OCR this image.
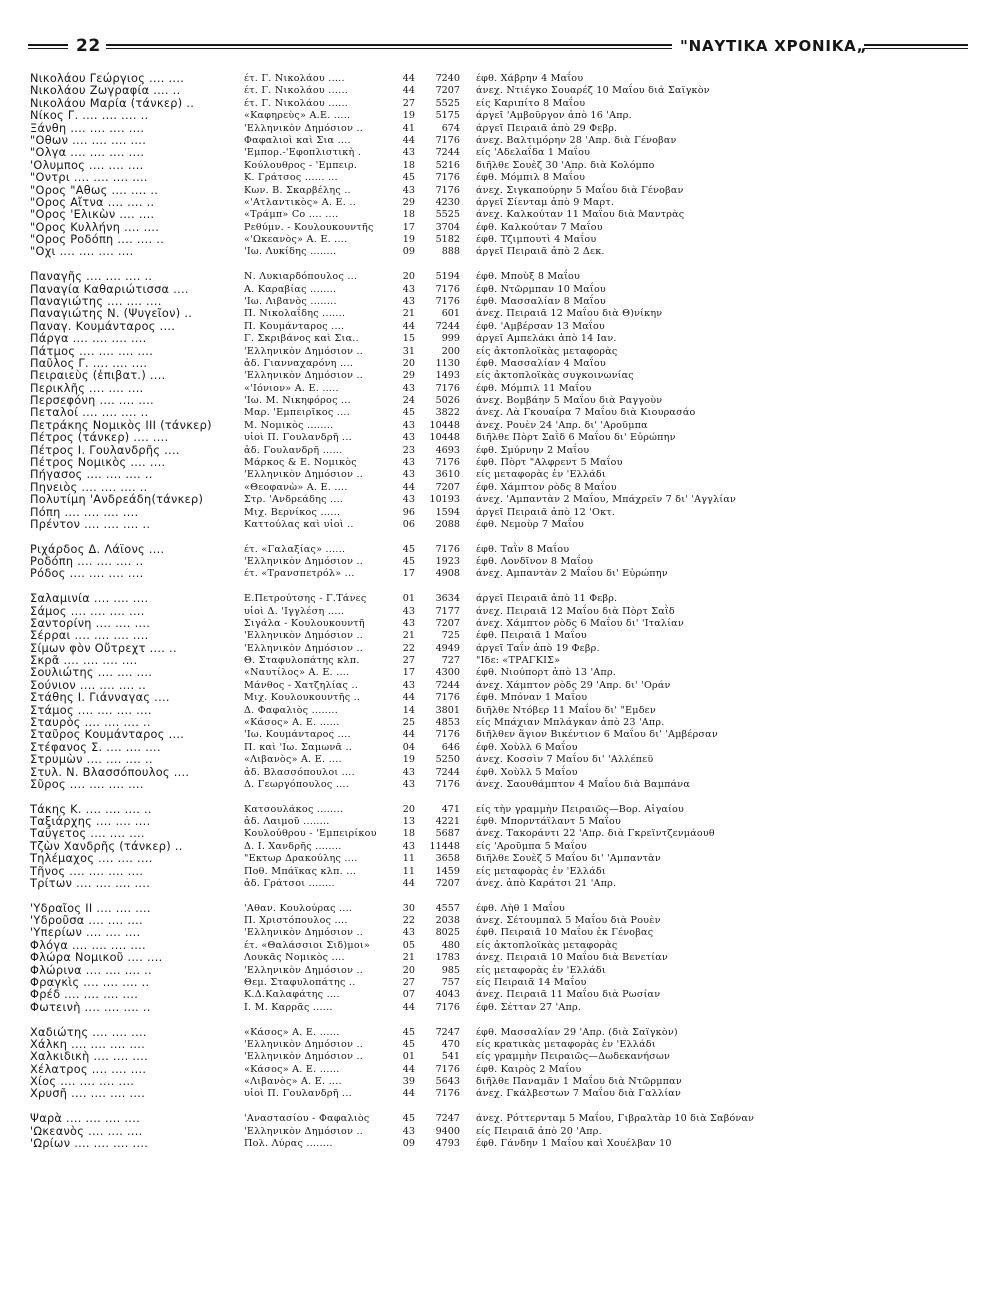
22	"ΝΑΥΤΙΚΑ ΧΡΟΝΙΚΑ„
Νικολάου Γεώργιος .... ....	έτ. Γ. Νικολάου .....	44	7240 έφθ. Χάβρην 4 Μαΐου
Νικολάου Ζωγραφία .... ..	έτ. Γ. Νικολάου ......	44	7207 άνεχ. Ντιέγκο Σουαρέζ 10 Μαΐου διά Σαϊγκὸν
Νικολάου Μαρία (τάνκερ) ..	έτ. Γ. Νικολάου ......	27	5525 είς Καριπίτο 8 Μαΐου
Νίκος Γ. .... .... .... ..	«Καφηρεὺς» Α.Ε. .....	19	5175 άργεῖ 'Αμβοῦργον ἀπὸ 16 'Απρ.
Ξάνθη .... .... .... ....	'Ελληνικὸν Δημόσιον ..	41	674 άργεῖ Πειραιᾶ ἀπὸ 29 Φεβρ.
"Οθων .... .... .... ....	Φαφαλιοὶ καὶ Σια ....	44	7176 άνεχ. Βαλτιμόρην 28 'Απρ. διὰ Γένοβαν
"Ολγα .... .... .... ....	'Εμπορ.-'Εφοπλιστικὴ .	43	7244 είς 'Αδελαΐδα 1 Μαΐου
'Ολυμπος .... .... ....	Κούλουθρος - 'Εμπειρ.	18	5216 διῆλθε Σουὲζ 30 'Απρ. διὰ Κολόμπο
"Οντρι .... .... .... ....	Κ. Γράτσος ...... ...	45	7176 έφθ. Μόμπιλ 8 Μαΐου
"Ορος "Αθως .... .... ..	Κων. Β. Σκαρβέλης ..	43	7176 άνεχ. Σιγκαπούρην 5 Μαΐου διὰ Γένοβαν
"Ορος Αἴτνα .... .... ..	«'Ατλαντικὸς» Α. Ε. ..	29	4230 άργεῖ Σίενταμ ἀπὸ 9 Μαρτ.
"Ορος 'Ελικὼν .... ....	«Τράμπ» Co .... ....	18	5525 άνεχ. Καλκούταν 11 Μαΐου διὰ Μαντρὰς
"Ορος Κυλλήνη .... ....	Ρεθύμν. - Κουλουκουντῆς	17	3704 έφθ. Καλκούταν 7 Μαΐου
"Ορος Ροδόπη .... .... ..	«'Ωκεανὸς» Α. Ε. ....	19	5182 έφθ. Τζιμπουτὶ 4 Μαΐου
"Οχι .... .... .... ....	'Ιω. Λυκίδης ........	09	888 άργεῖ Πειραιᾶ ἀπὸ 2 Δεκ.
Παναγῆς .... .... .... ..	Ν. Λυκιαρδόπουλος ...	20	5194 έφθ. Μποὺξ 8 Μαΐου
Παναγία Καθαριώτισσα ....	Α. Καραβίας ........	43	7176 έφθ. Ντῶρμπαν 10 Μαΐου
Παναγιώτης .... .... ....	'Ιω. Λιβανὸς ........	43	7176 έφθ. Μασσαλίαν 8 Μαΐου
Παναγιώτης Ν. (Ψυγεῖον) ..	Π. Νικολαΐδης .......	21	601 άνεχ. Πειραιᾶ 12 Μαΐου διὰ Θ)νίκην
Παναγ. Κουμάνταρος ....	Π. Κουμάνταρος ....	44	7244 έφθ. 'Αμβέρσαν 13 Μαΐου
Πάργα .... .... .... ....	Γ. Σκριβάνος καὶ Σια..	15	999 άργεῖ Αμπελάκι ἀπὸ 14 Ιαν.
Πάτμος .... .... .... ....	'Ελληνικὸν Δημόσιον ..	31	200 είς ἀκτοπλοϊκὰς μεταφορὰς
Παῦλος Γ. .... .... ....	ἀδ. Γιανναχαρόνη ....	20	1130 έφθ. Μασσαλίαν 4 Μαΐου
Πειραιεὺς (ἐπιβατ.) ....	'Ελληνικὸν Δημόσιον ..	29	1493 είς ἀκτοπλοϊκὰς συγκοινωνίας
Περικλῆς .... .... ....	«'Ιόνιον» Α. Ε. .....	43	7176 έφθ. Μόμπιλ 11 Μαΐου
Περσεφόνη .... .... ....	'Ιω. Μ. Νικηφόρος ...	24	5026 άνεχ. Βομβάην 5 Μαΐου διὰ Ραγγοὺν
Πεταλοί .... .... .... ..	Μαρ. 'Εμπειρῖκος ....	45	3822 άνεχ. Λὰ Γκουαίρα 7 Μαΐου διὰ Κιουρασάο
Πετράκης Νομικὸς ΙΙΙ (τάνκερ)	Μ. Νομικὸς ........	43	10448 άνεχ. Ρουὲν 24 'Απρ. δι' 'Αροῦμπα
Πέτρος (τάνκερ) .... ....	υἱοὶ Π. Γουλανδρῆ ...	43	10448 διῆλθε Πὸρτ Σαῒδ 6 Μαΐου δι' Εὐρώπην
Πέτρος Ι. Γουλανδρῆς ....	ἀδ. Γουλανδρῆ ......	23	4693 έφθ. Σμύρνην 2 Μαΐου
Πέτρος Νομικὸς .... ....	Μάρκος & Ε. Νομικὸς	43	7176 έφθ. Πὸρτ "Αλφρεντ 5 Μαΐου
Πήγασος .... .... .... ..	'Ελληνικὸν Δημόσιον ..	43	3610 είς μεταφορὰς ἐν 'Ελλάδι
Πηνειὸς .... .... .... ..	«Θεοφανὼ» Α. Ε. ....	44	7207 έφθ. Χάμπτον ρὸδς 8 Μαΐου
Πολυτίμη 'Ανδρεάδη(τάνκερ)	Στρ. 'Ανδρεάδης ....	43	10193 άνεχ. 'Αμπαντὰν 2 Μαΐου, Μπάχρεϊν 7 δι' 'Αγγλίαν
Πόπη .... .... .... ....	Μιχ. Βερνίκος ......	96	1594 άργεῖ Πειραιᾶ ἀπὸ 12 'Οκτ.
Πρέντον .... .... .... ..	Καττούλας καὶ υἱοὶ ..	06	2088 έφθ. Νεμοὺρ 7 Μαΐου
Ριχάρδος Δ. Λάϊονς ....	έτ. «Γαλαξίας» ......	45	7176 έφθ. Ταῒν 8 Μαΐου
Ροδόπη .... .... .... ..	'Ελληνικὸν Δημόσιον ..	45	1923 έφθ. Λονδῖνον 8 Μαΐου
Ρόδος .... .... .... ....	έτ. «Τρανσπετρόλ» ...	17	4908 άνεχ. Αμπαντὰν 2 Μαΐου δι' Εὐρώπην
Σαλαμινία .... .... ....	Ε.Πετρούτσης - Γ.Τάνες	01	3634 άργεῖ Πειραιᾶ ἀπὸ 11 Φεβρ.
Σάμος .... .... .... ....	υἱοὶ Δ. 'Ιγγλέση .....	43	7177 άνεχ. Πειραιᾶ 12 Μαΐου διὰ Πὸρτ Σαῒδ
Σαντορίνη .... .... ....	Σιγάλα - Κουλουκουντῆ	43	7207 άνεχ. Χάμπτον ρὸδς 6 Μαΐου δι' 'Ιταλίαν
Σέρραι .... .... .... ....	'Ελληνικὸν Δημόσιον ..	21	725 έφθ. Πειραιᾶ 1 Μαΐου
Σίμων φὸν Οὔτρεχτ .... ..	'Ελληνικὸν Δημόσιον ..	22	4949 άργεῖ Ταΐν ἀπὸ 19 Φεβρ.
Σκρᾶ .... .... .... ....	Θ. Σταφυλοπάτης κλπ.	27	727 "Ιδε: «ΤΡΑΓΚΙΣ»
Σουλιώτης .... .... ....	«Ναυτίλος» Α. Ε. ....	17	4300 έφθ. Νιούπορτ ἀπὸ 13 'Απρ.
Σούνιον .... .... .... ..	Μάνθος - Χατζηλίας ..	43	7244 άνεχ. Χάμπτον ρὸδς 29 'Απρ. δι' 'Οράν
Στάθης Ι. Γιάνναγας ....	Μιχ. Κουλουκουντῆς ..	44	7176 έφθ. Μπόναν 1 Μαΐου
Στάμος .... .... .... ....	Δ. Φαφαλιὸς ........	14	3801 διῆλθε Ντόβερ 11 Μαΐου δι' "Εμδεν
Σταυρὸς .... .... .... ..	«Κάσος» Α. Ε. ......	25	4853 είς Μπάχιαν Μπλάγκαν ἀπὸ 23 'Απρ.
Σταῦρος Κουμάνταρος ....	'Ιω. Κουμάνταρος ....	44	7176 διῆλθεν ἅγιον Βικέντιον 6 Μαΐου δι' 'Αμβέρσαν
Στέφανος Σ. .... .... ....	Π. καὶ 'Ιω. Σαμωνᾶ ..	04	646 έφθ. Χοὺλλ 6 Μαΐου
Στρυμὼν .... .... .... ..	«Λιβανὸς» Α. Ε. ....	19	5250 άνεχ. Κοσσὶν 7 Μαΐου δι' 'Αλλέπεϋ
Στυλ. Ν. Βλασσόπουλος ....	ἀδ. Βλασσόπουλοι ....	43	7244 έφθ. Χοὺλλ 5 Μαΐου
Σῦρος .... .... .... ....	Δ. Γεωργόπουλος ....	43	7176 άνεχ. Σαουθάμπτον 4 Μαΐου διὰ Βαμπάνα
Τάκης Κ. .... .... .... ..	Κατσουλάκος ........	20	471 είς τὴν γραμμὴν Πειραιῶς—Βορ. Αἰγαίου
Ταξιάρχης .... .... ....	ἀδ. Λαιμοῦ ........	13	4221 έφθ. Μπορντάϊλαντ 5 Μαΐου
Ταΰγετος .... .... ....	Κουλούθρου - 'Εμπειρίκου	18	5687 άνεχ. Τακοράντι 22 'Απρ. διὰ Γκρεϊντζενμάουθ
Τζὼν Χανδρῆς (τάνκερ) ..	Δ. Ι. Χανδρῆς ........	43	11448 είς 'Αροῦμπα 5 Μαΐου
Τηλέμαχος .... .... ....	"Εκτωρ Δρακούλης ....	11	3658 διῆλθε Σουὲζ 5 Μαΐου δι' 'Αμπαντὰν
Τῆνος .... .... .... ....	Ποθ. Μπάϊκας κλπ. ...	11	1459 είς μεταφορὰς ἐν 'Ελλάδι
Τρίτων .... .... .... ....	ἀδ. Γράτσοι ........	44	7207 άνεχ. ἀπὸ Καράτσι 21 'Απρ.
'Υδραῖος ΙΙ .... .... ....	'Αθαν. Κουλούρας ....	30	4557 έφθ. Λὴθ 1 Μαΐου
'Υδροῦσα .... .... ....	Π. Χριστόπουλος ....	22	2038 άνεχ. Σέτουμπαλ 5 Μαΐου διὰ Ρουὲν
'Υπερίων .... .... ....	'Ελληνικὸν Δημόσιον ..	43	8025 έφθ. Πειραιᾶ 10 Μαΐου ἐκ Γένοβας
Φλόγα .... .... .... ....	έτ. «Θαλάσσιοι Σιδ)μοι»	05	480 είς ἀκτοπλοϊκὰς μεταφορὰς
Φλώρα Νομικοῦ .... ....	Λουκᾶς Νομικὸς ....	21	1783 άνεχ. Πειραιᾶ 10 Μαΐου διὰ Βενετίαν
Φλώρινα .... .... .... ..	'Ελληνικὸν Δημόσιον ..	20	985 είς μεταφορὰς ἐν 'Ελλάδι
Φραγκὶς .... .... .... ..	Θεμ. Σταφυλοπάτης ..	27	757 είς Πειραιᾶ 14 Μαΐου
Φρέδ .... .... .... ....	Κ.Δ.Καλαφάτης ....	07	4043 άνεχ. Πειραιᾶ 11 Μαΐου διὰ Ρωσίαν
Φωτεινὴ .... .... .... ..	Ι. Μ. Καρρᾶς ......	44	7176 έφθ. Σέτταν 27 'Απρ.
Χαδιώτης .... .... ....	«Κάσος» Α. Ε. ......	45	7247 έφθ. Μασσαλίαν 29 'Απρ. (διὰ Σαϊγκὸν)
Χάλκη .... .... .... ....	'Ελληνικὸν Δημόσιον ..	45	470 είς κρατικὰς μεταφορὰς ἐν 'Ελλάδι
Χαλκιδικὴ .... .... ....	'Ελληνικὸν Δημόσιον ..	01	541 είς γραμμὴν Πειραιῶς—Δωδεκανήσων
Χέλατρος .... .... ....	«Κάσος» Α. Ε. ......	44	7176 έφθ. Καιρὸς 2 Μαΐου
Χίος .... .... .... ....	«Λιβανὸς» Α. Ε. ....	39	5643 διῆλθε Παναμᾶν 1 Μαΐου διὰ Ντῶρμπαν
Χρυσῆ .... .... .... ....	υἱοὶ Π. Γουλανδρῆ ...	44	7176 άνεχ. Γκάλβεστων 7 Μαΐου διὰ Γαλλίαν
Ψαρὰ .... .... .... ....	'Αναστασίου - Φαφαλιὸς	45	7247 άνεχ. Ρόττερνταμ 5 Μαΐου, Γιβραλτὰρ 10 διὰ Σαβόναν
'Ωκεανὸς .... .... ....	'Ελληνικὸν Δημόσιον ..	43	9400 είς Πειραιᾶ ἀπὸ 20 'Απρ.
'Ωρίων .... .... .... ....	Πολ. Λύρας ........	09	4793 έφθ. Γάνδην 1 Μαΐου καὶ Χουέλβαν 10
